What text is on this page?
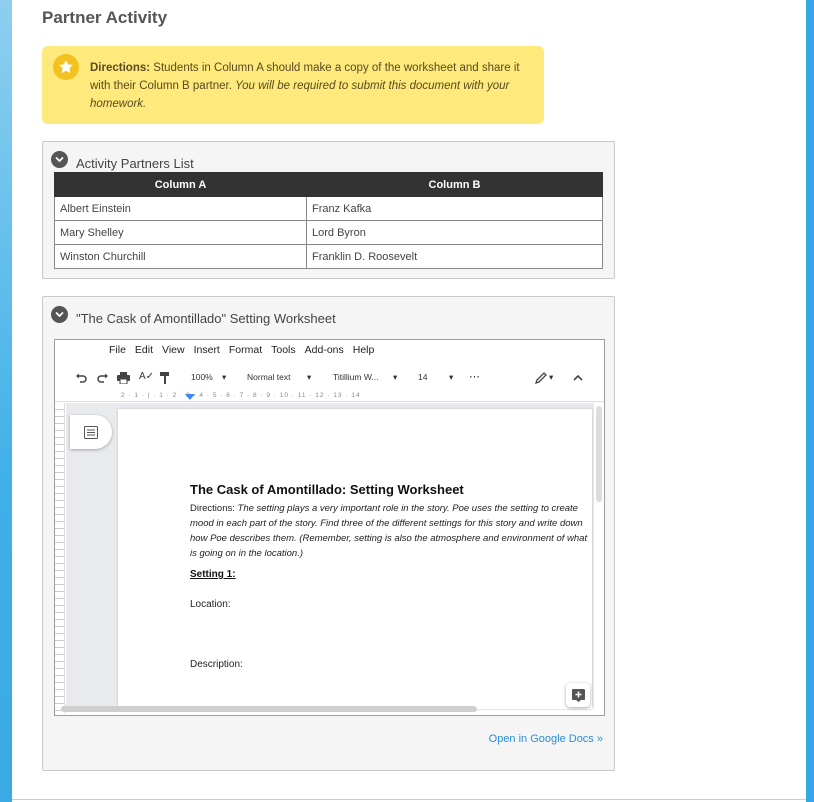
Partner Activity
Directions: Students in Column A should make a copy of the worksheet and share it with their Column B partner. You will be required to submit this document with your homework.
Activity Partners List
Column A	Column B
Albert Einstein	Franz Kafka
Mary Shelley	Lord Byron
Winston Churchill	Franklin D. Roosevelt
"The Cask of Amontillado" Setting Worksheet
File Edit View Insert Format Tools Add-ons Help
A✓	100% ▾ Normal text ▾	Titillium W... ▾ 14	▾ ⋯	▾
2 · 1 · | · 1 · 2 · 3 · 4 · 5 · 6 · 7 · 8 · 9 · 10 · 11 · 12 · 13 · 14
The Cask of Amontillado: Setting Worksheet
Directions: The setting plays a very important role in the story. Poe uses the setting to create mood in each part of the story. Find three of the different settings for this story and write down how Poe describes them. (Remember, setting is also the atmosphere and environment of what is going on in the location.)
Setting 1:
Location:
Description:
Open in Google Docs »
